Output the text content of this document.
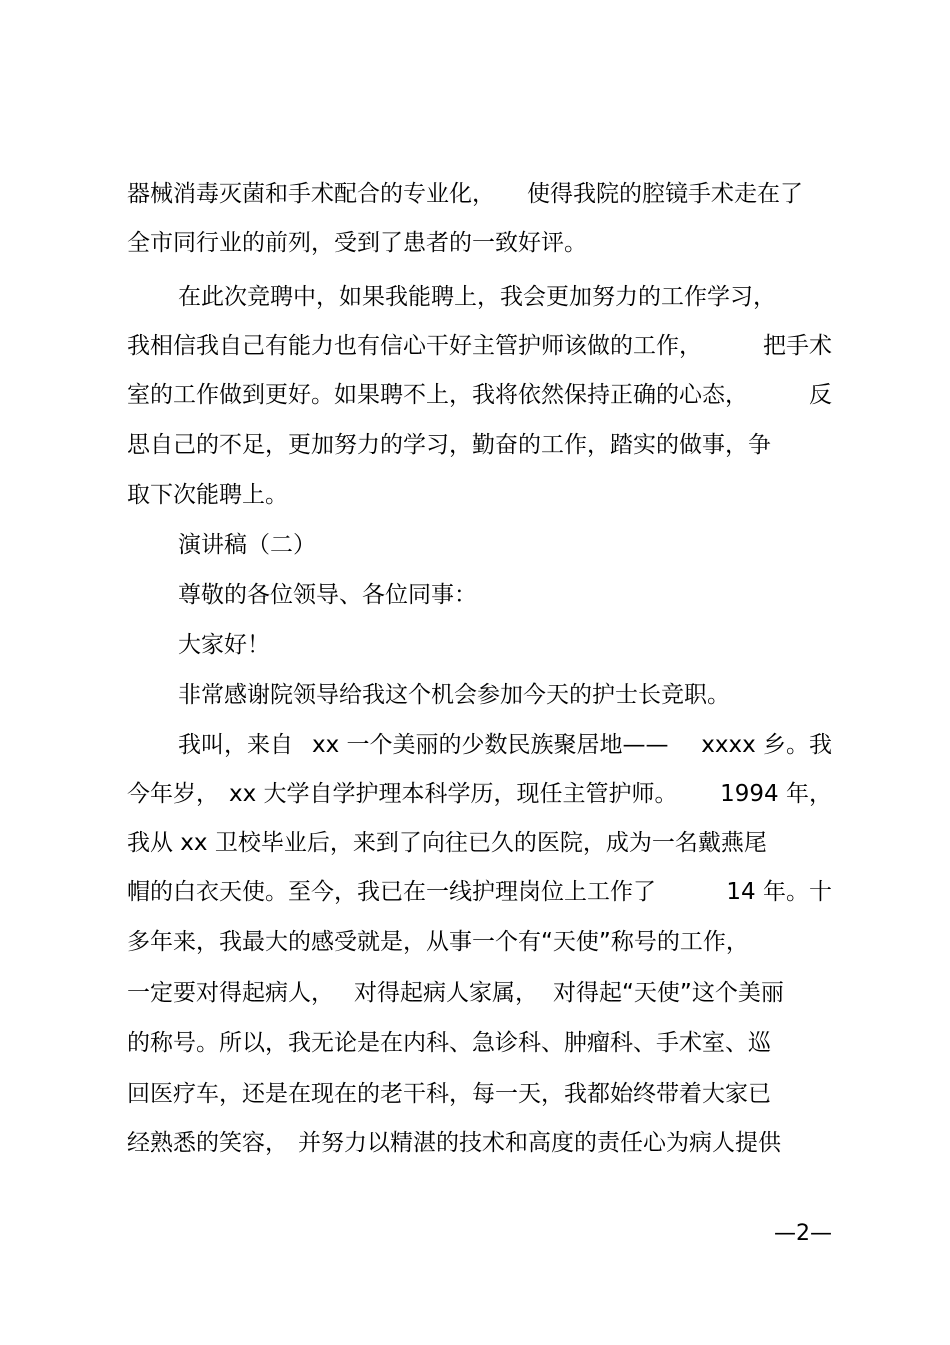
器械消毒灭菌和手术配合的专业化， 使得我院的腔镜手术走在了
全市同行业的前列，受到了患者的一致好评。
在此次竞聘中，如果我能聘上，我会更加努力的工作学习，
我相信我自己有能力也有信心干好主管护师该做的工作，	把手术
室的工作做到更好。如果聘不上，我将依然保持正确的心态，	反
思自己的不足，更加努力的学习，勤奋的工作，踏实的做事，争
取下次能聘上。
演讲稿（二）
尊敬的各位领导、各位同事：
大家好！
非常感谢院领导给我这个机会参加今天的护士长竞职。
我叫，来自 xx 一个美丽的少数民族聚居地—— xxxx 乡。我
今年岁， xx 大学自学护理本科学历，现任主管护师。 1994 年，
我从 xx 卫校毕业后，来到了向往已久的医院，成为一名戴燕尾
帽的白衣天使。至今，我已在一线护理岗位上工作了	14 年。十
多年来，我最大的感受就是，从事一个有“天使”称号的工作，
一定要对得起病人， 对得起病人家属， 对得起“天使”这个美丽
的称号。所以，我无论是在内科、急诊科、肿瘤科、手术室、巡
回医疗车，还是在现在的老干科，每一天，我都始终带着大家已
经熟悉的笑容， 并努力以精湛的技术和高度的责任心为病人提供
—2—
